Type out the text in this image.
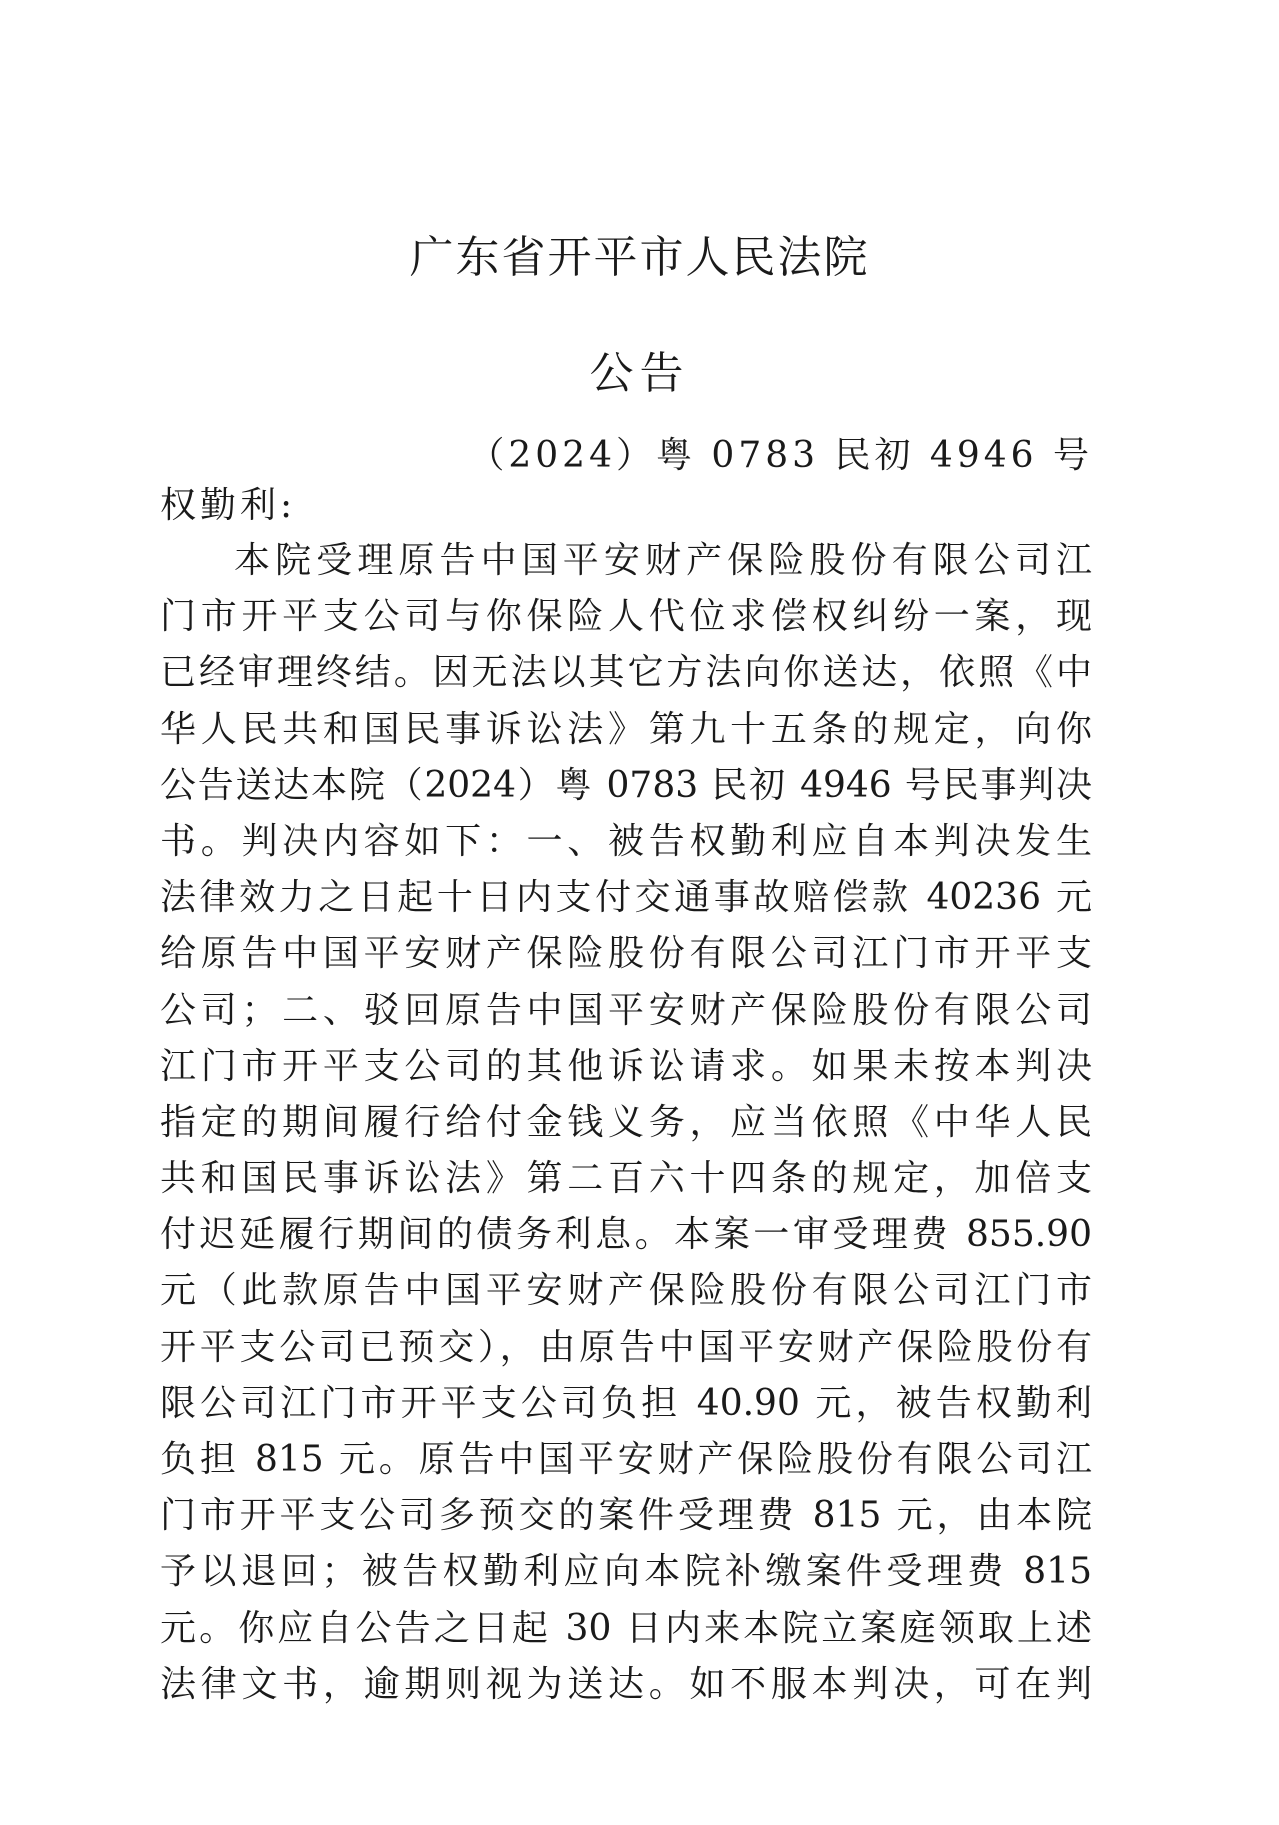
广东省开平市人民法院
公告
（2024）粤 0783 民初 4946 号
权勤利:
本院受理原告中国平安财产保险股份有限公司江
门市开平支公司与你保险人代位求偿权纠纷一案，现
已经审理终结。因无法以其它方法向你送达，依照《中
华人民共和国民事诉讼法》第九十五条的规定，向你
公告送达本院（2024）粤 0783 民初 4946 号民事判决
书。判决内容如下：一、被告权勤利应自本判决发生
法律效力之日起十日内支付交通事故赔偿款 40236 元
给原告中国平安财产保险股份有限公司江门市开平支
公司；二、驳回原告中国平安财产保险股份有限公司
江门市开平支公司的其他诉讼请求。如果未按本判决
指定的期间履行给付金钱义务，应当依照《中华人民
共和国民事诉讼法》第二百六十四条的规定，加倍支
付迟延履行期间的债务利息。本案一审受理费 855.90
元（此款原告中国平安财产保险股份有限公司江门市
开平支公司已预交），由原告中国平安财产保险股份有
限公司江门市开平支公司负担 40.90 元，被告权勤利
负担 815 元。原告中国平安财产保险股份有限公司江
门市开平支公司多预交的案件受理费 815 元，由本院
予以退回；被告权勤利应向本院补缴案件受理费 815
元。你应自公告之日起 30 日内来本院立案庭领取上述
法律文书，逾期则视为送达。如不服本判决，可在判
